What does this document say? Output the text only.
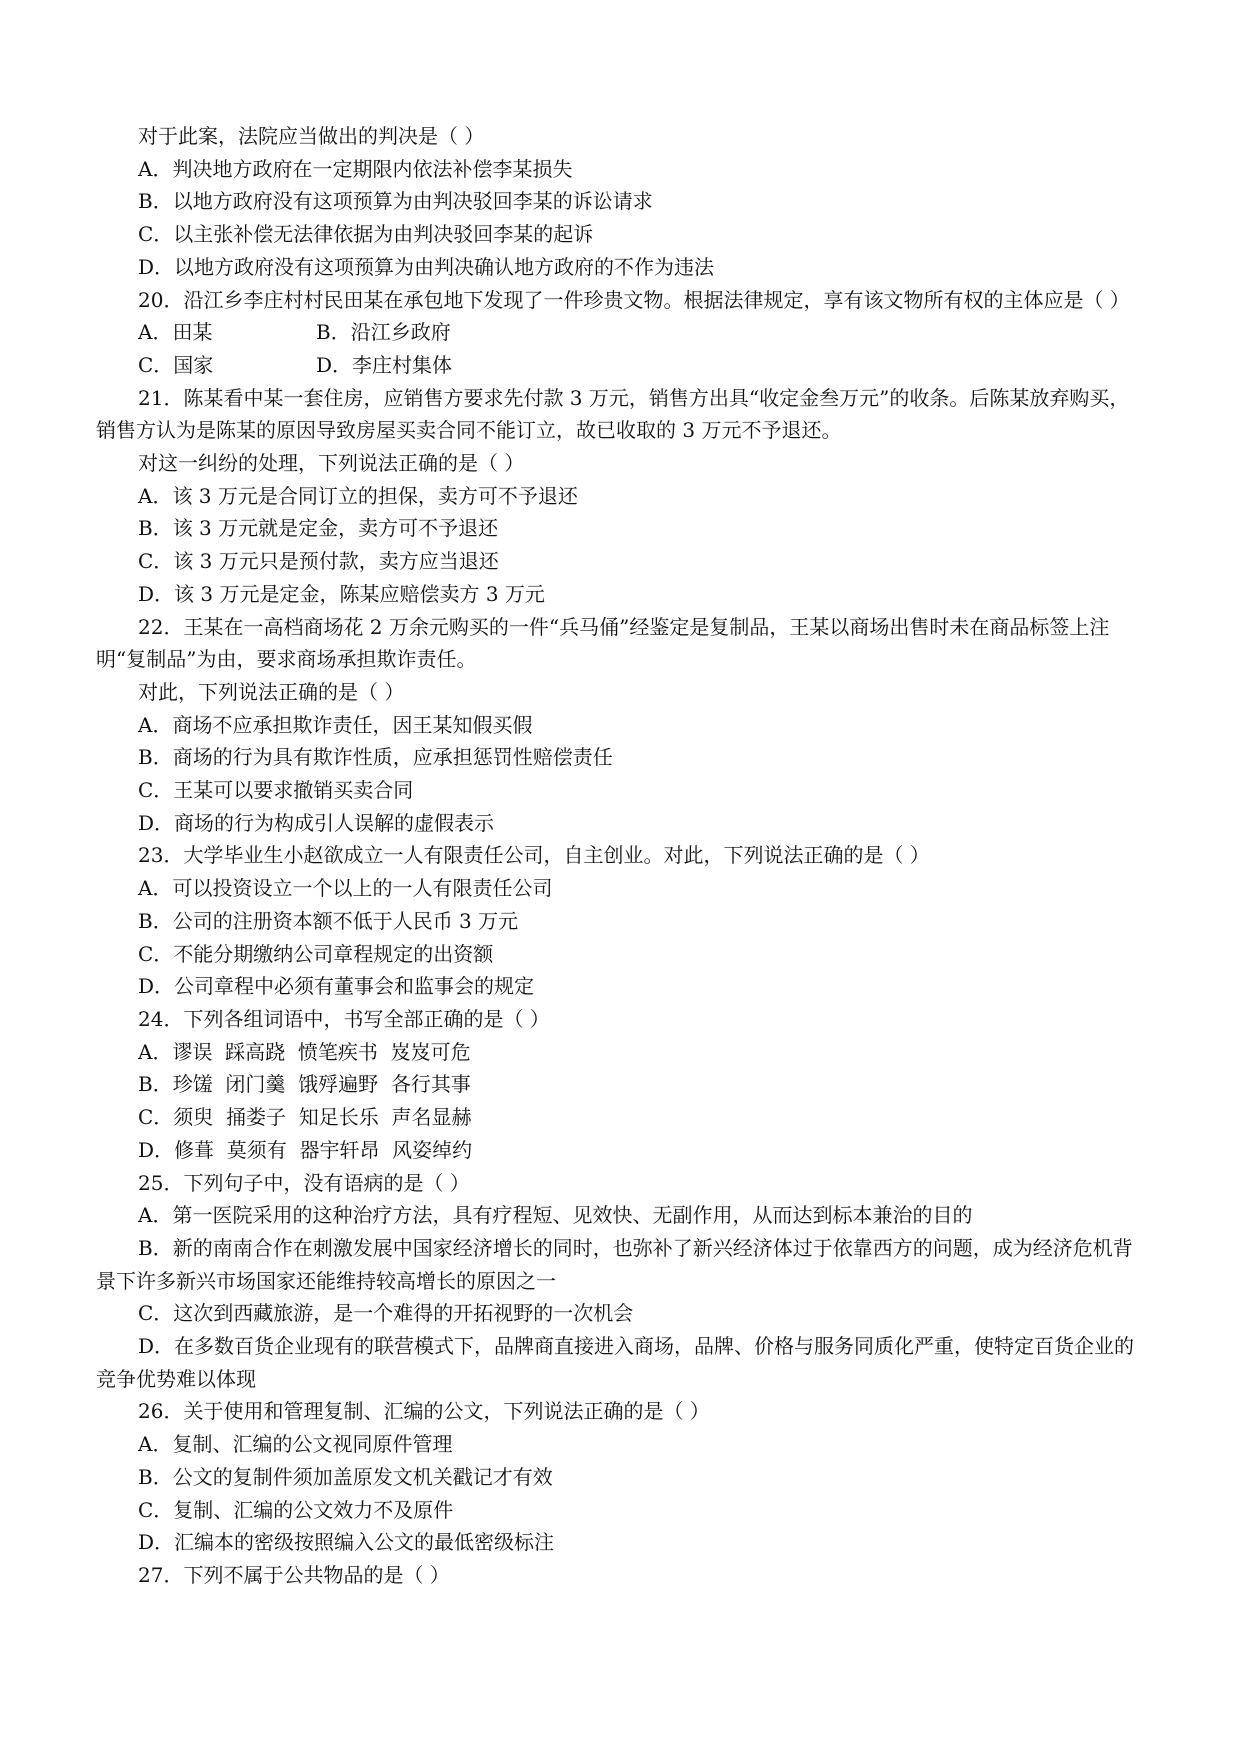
对于此案，法院应当做出的判决是（ ）

A．判决地方政府在一定期限内依法补偿李某损失

B．以地方政府没有这项预算为由判决驳回李某的诉讼请求

C．以主张补偿无法律依据为由判决驳回李某的起诉

D．以地方政府没有这项预算为由判决确认地方政府的不作为违法

20．沿江乡李庄村村民田某在承包地下发现了一件珍贵文物。根据法律规定，享有该文物所有权的主体应是（ ）

A．田某	B．沿江乡政府

C．国家	D．李庄村集体

21．陈某看中某一套住房，应销售方要求先付款 3 万元，销售方出具“收定金叁万元”的收条。后陈某放弃购买，销售方认为是陈某的原因导致房屋买卖合同不能订立，故已收取的 3 万元不予退还。

对这一纠纷的处理，下列说法正确的是（ ）

A．该 3 万元是合同订立的担保，卖方可不予退还

B．该 3 万元就是定金，卖方可不予退还

C．该 3 万元只是预付款，卖方应当退还

D．该 3 万元是定金，陈某应赔偿卖方 3 万元

22．王某在一高档商场花 2 万余元购买的一件“兵马俑”经鉴定是复制品，王某以商场出售时未在商品标签上注明“复制品”为由，要求商场承担欺诈责任。

对此，下列说法正确的是（ ）

A．商场不应承担欺诈责任，因王某知假买假

B．商场的行为具有欺诈性质，应承担惩罚性赔偿责任

C．王某可以要求撤销买卖合同

D．商场的行为构成引人误解的虚假表示

23．大学毕业生小赵欲成立一人有限责任公司，自主创业。对此，下列说法正确的是（ ）

A．可以投资设立一个以上的一人有限责任公司

B．公司的注册资本额不低于人民币 3 万元

C．不能分期缴纳公司章程规定的出资额

D．公司章程中必须有董事会和监事会的规定

24．下列各组词语中，书写全部正确的是（ ）

A．谬误  踩高跷  愤笔疾书  岌岌可危

B．珍馐  闭门羹  饿殍遍野  各行其事

C．须臾  捅娄子  知足长乐  声名显赫

D．修葺  莫须有  器宇轩昂  风姿绰约

25．下列句子中，没有语病的是（ ）

A．第一医院采用的这种治疗方法，具有疗程短、见效快、无副作用，从而达到标本兼治的目的

B．新的南南合作在刺激发展中国家经济增长的同时，也弥补了新兴经济体过于依靠西方的问题，成为经济危机背景下许多新兴市场国家还能维持较高增长的原因之一

C．这次到西藏旅游，是一个难得的开拓视野的一次机会

D．在多数百货企业现有的联营模式下，品牌商直接进入商场，品牌、价格与服务同质化严重，使特定百货企业的竞争优势难以体现

26．关于使用和管理复制、汇编的公文，下列说法正确的是（ ）

A．复制、汇编的公文视同原件管理

B．公文的复制件须加盖原发文机关戳记才有效

C．复制、汇编的公文效力不及原件

D．汇编本的密级按照编入公文的最低密级标注

27．下列不属于公共物品的是（ ）
